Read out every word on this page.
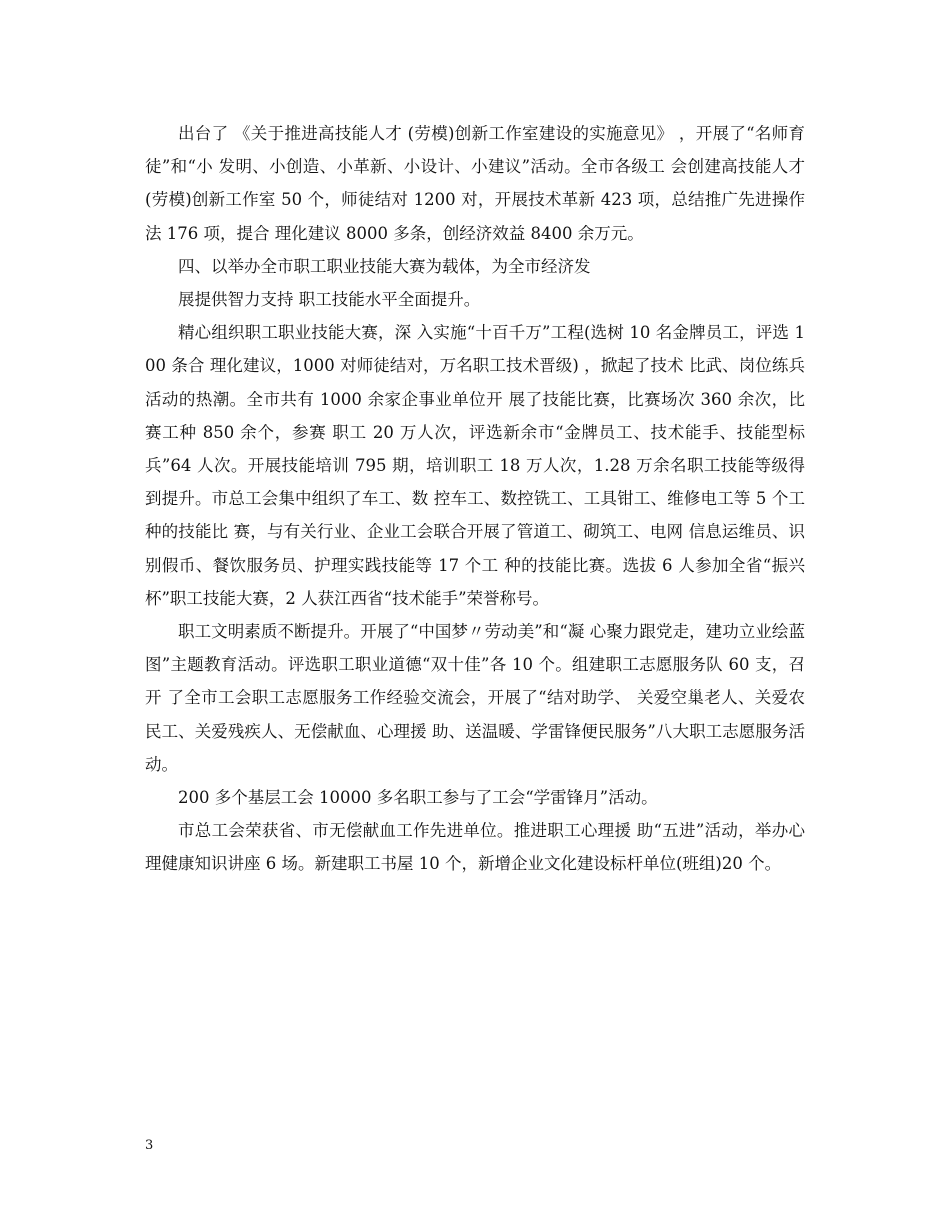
出台了 《关于推进高技能人才 (劳模)创新工作室建设的实施意见》 ，开展了“名师育徒”和“小 发明、小创造、小革新、小设计、小建议”活动。全市各级工 会创建高技能人才(劳模)创新工作室 50 个，师徒结对 1200 对，开展技术革新 423 项，总结推广先进操作法 176 项，提合 理化建议 8000 多条，创经济效益 8400 余万元。

四、以举办全市职工职业技能大赛为载体，为全市经济发

展提供智力支持 职工技能水平全面提升。

精心组织职工职业技能大赛，深 入实施“十百千万”工程(选树 10 名金牌员工，评选 100 条合 理化建议，1000 对师徒结对，万名职工技术晋级) ，掀起了技术 比武、岗位练兵活动的热潮。全市共有 1000 余家企事业单位开 展了技能比赛，比赛场次 360 余次，比赛工种 850 余个，参赛 职工 20 万人次，评选新余市“金牌员工、技术能手、技能型标 兵”64 人次。开展技能培训 795 期，培训职工 18 万人次，1.28 万余名职工技能等级得到提升。市总工会集中组织了车工、数 控车工、数控铣工、工具钳工、维修电工等 5 个工种的技能比 赛，与有关行业、企业工会联合开展了管道工、砌筑工、电网 信息运维员、识别假币、餐饮服务员、护理实践技能等 17 个工 种的技能比赛。选拔 6 人参加全省“振兴杯”职工技能大赛，2 人获江西省“技术能手”荣誉称号。

职工文明素质不断提升。开展了“中国梦〃劳动美”和“凝 心聚力跟党走，建功立业绘蓝图”主题教育活动。评选职工职业道德“双十佳”各 10 个。组建职工志愿服务队 60 支，召开 了全市工会职工志愿服务工作经验交流会，开展了“结对助学、 关爱空巢老人、关爱农民工、关爱残疾人、无偿献血、心理援 助、送温暖、学雷锋便民服务”八大职工志愿服务活动。

200 多个基层工会 10000 多名职工参与了工会“学雷锋月”活动。

市总工会荣获省、市无偿献血工作先进单位。推进职工心理援 助“五进”活动，举办心理健康知识讲座 6 场。新建职工书屋 10 个，新增企业文化建设标杆单位(班组)20 个。

3
